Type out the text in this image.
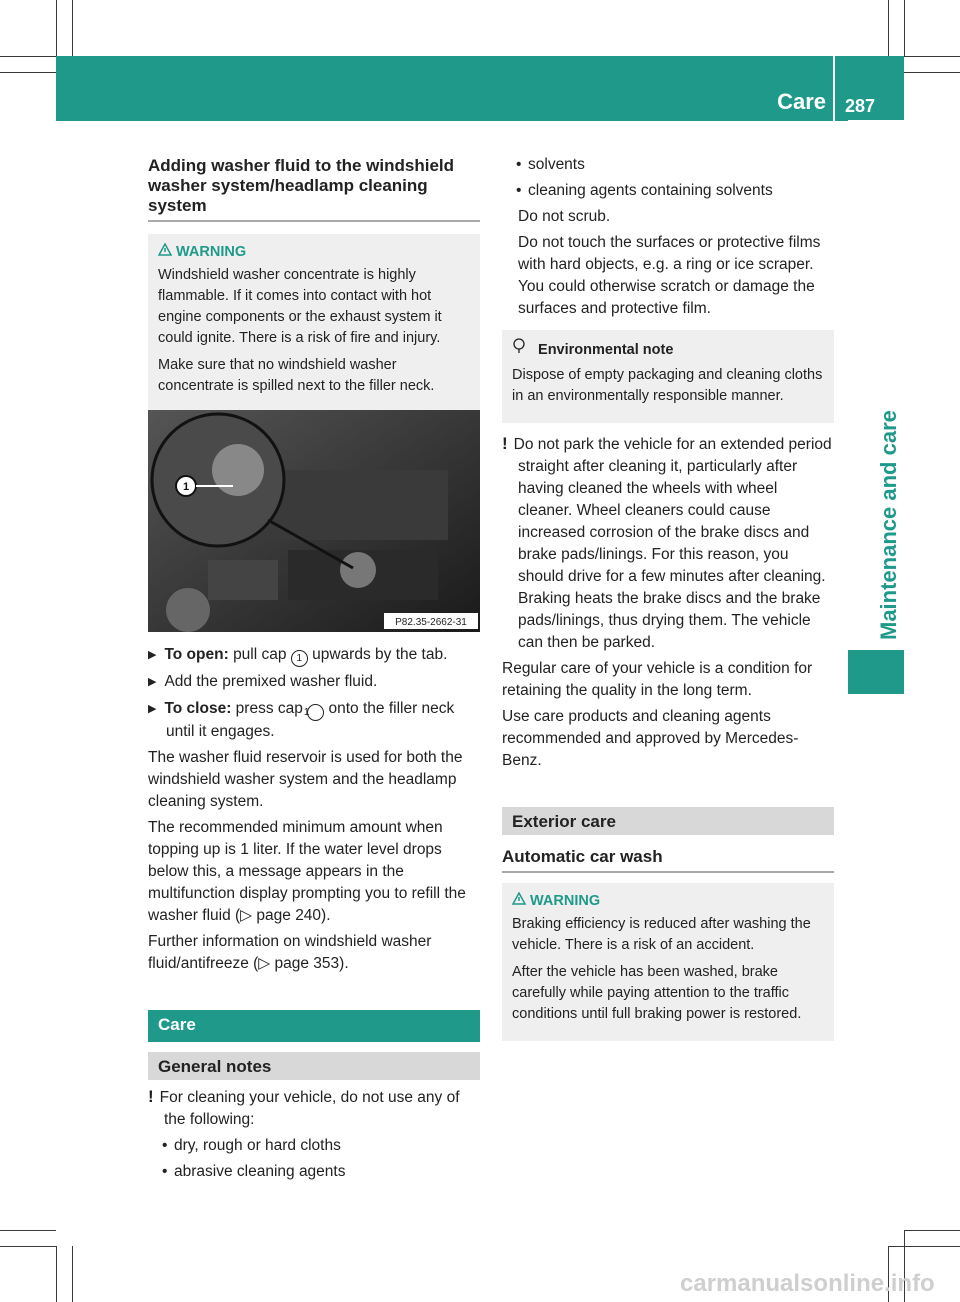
Care 287
Maintenance and care
Adding washer fluid to the windshield washer system/headlamp cleaning system
WARNING

Windshield washer concentrate is highly flammable. If it comes into contact with hot engine components or the exhaust system it could ignite. There is a risk of fire and injury.

Make sure that no windshield washer concentrate is spilled next to the filler neck.

1
P82.35-2662-31

▶ To open: pull cap 1 upwards by the tab.

▶ Add the premixed washer fluid.

▶ To close: press cap 1 onto the filler neck until it engages.

The washer fluid reservoir is used for both the windshield washer system and the headlamp cleaning system.

The recommended minimum amount when topping up is 1 liter. If the water level drops below this, a message appears in the multifunction display prompting you to refill the washer fluid (▷ page 240).

Further information on windshield washer fluid/antifreeze (▷ page 353).

Care
General notes

! For cleaning your vehicle, do not use any of the following:

• dry, rough or hard cloths

• abrasive cleaning agents

• solvents

• cleaning agents containing solvents

Do not scrub.

Do not touch the surfaces or protective films with hard objects, e.g. a ring or ice scraper. You could otherwise scratch or damage the surfaces and protective film.

Environmental note

Dispose of empty packaging and cleaning cloths in an environmentally responsible manner.

! Do not park the vehicle for an extended period straight after cleaning it, particularly after having cleaned the wheels with wheel cleaner. Wheel cleaners could cause increased corrosion of the brake discs and brake pads/linings. For this reason, you should drive for a few minutes after cleaning. Braking heats the brake discs and the brake pads/linings, thus drying them. The vehicle can then be parked.

Regular care of your vehicle is a condition for retaining the quality in the long term.

Use care products and cleaning agents recommended and approved by Mercedes-Benz.

Exterior care
Automatic car wash
WARNING

Braking efficiency is reduced after washing the vehicle. There is a risk of an accident.

After the vehicle has been washed, brake carefully while paying attention to the traffic conditions until full braking power is restored.

carmanualsonline.info
